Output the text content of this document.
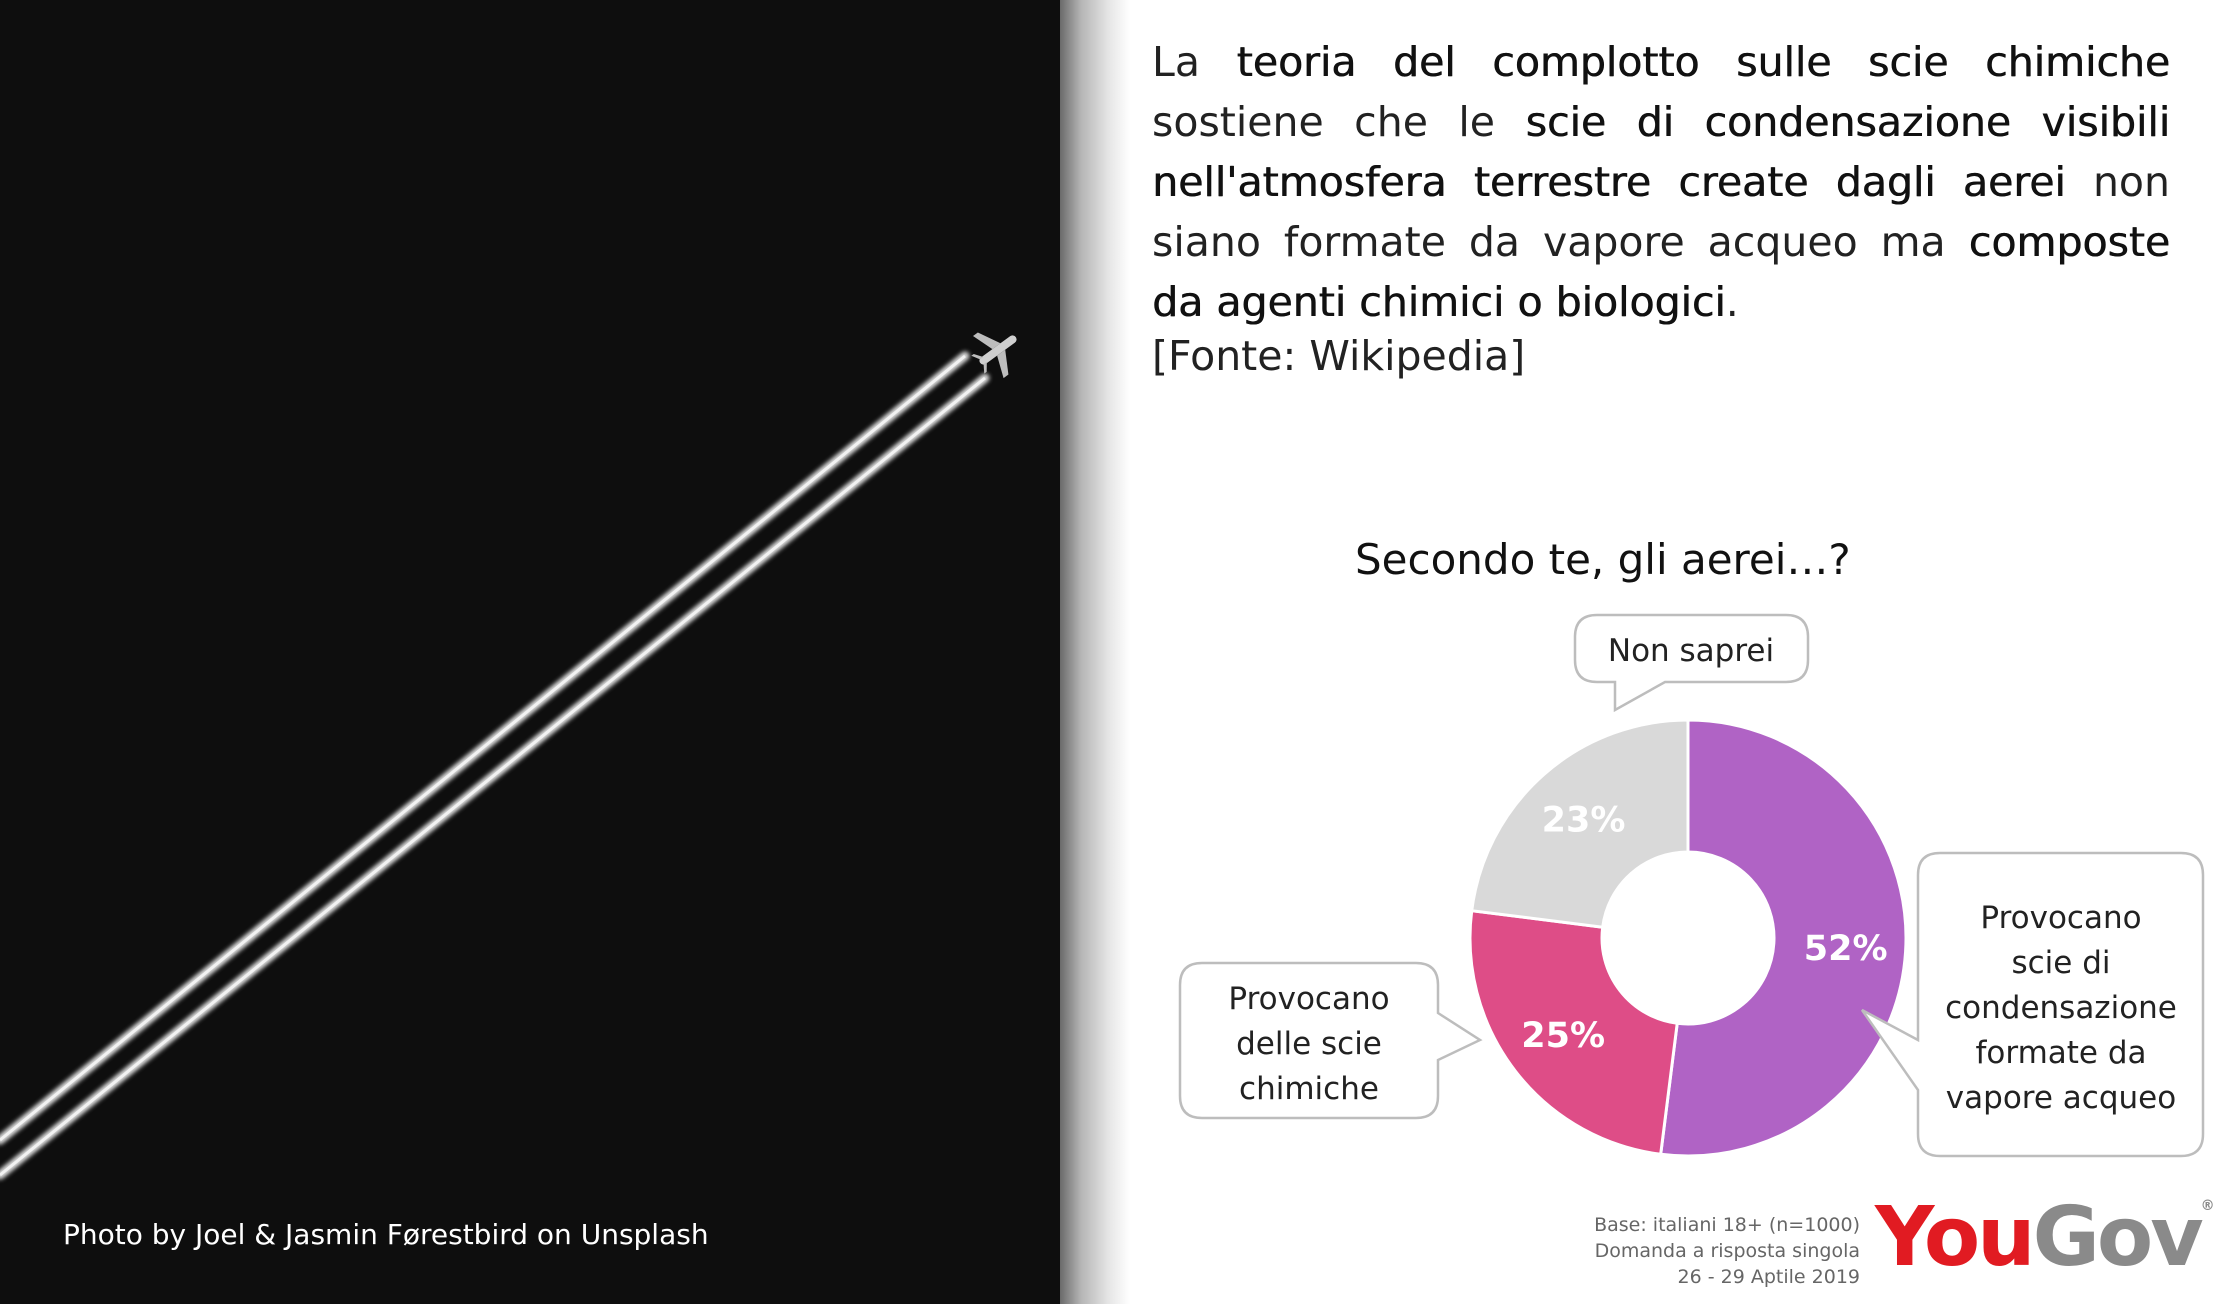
Photo by Joel & Jasmin Førestbird on Unsplash
La teoria del complotto sulle scie chimiche sostiene che le scie di condensazione visibili nell'atmosfera terrestre create dagli aerei non siano formate da vapore acqueo ma composte da agenti chimici o biologici.
[Fonte: Wikipedia]
Secondo te, gli aerei…?
52%
25%
23%
Non saprei
Provocano
delle scie
chimiche
Provocano
scie di
condensazione
formate da
vapore acqueo
Base: italiani 18+ (n=1000)
Domanda a risposta singola
26 - 29 Aptile 2019 YouGov®
